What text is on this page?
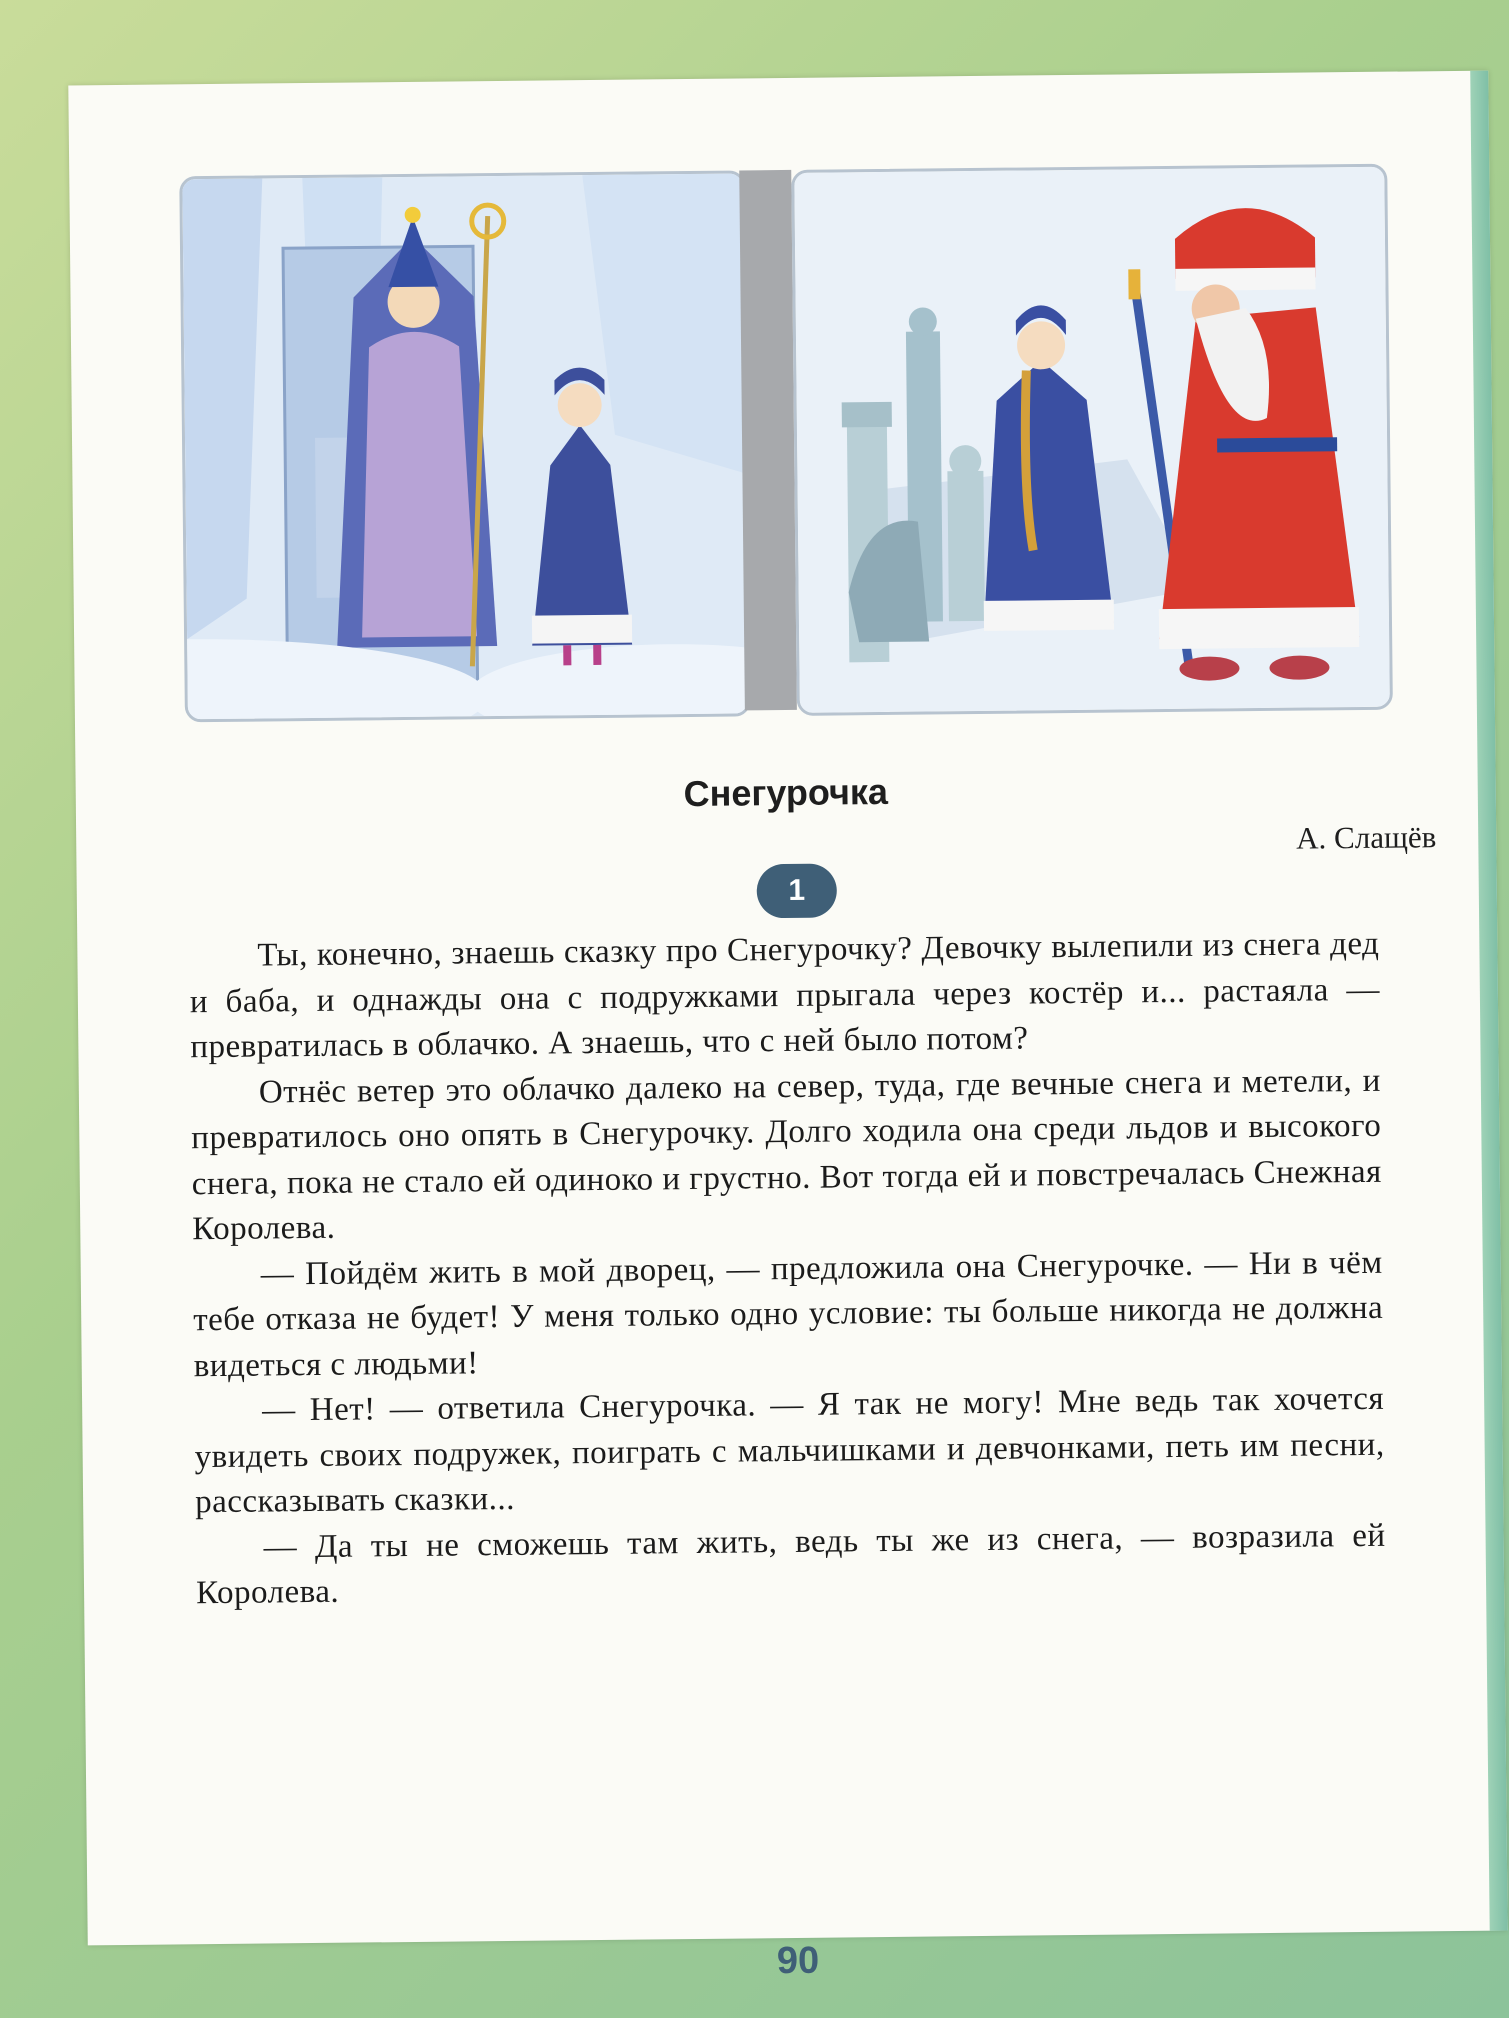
Снегурочка
А. Слащёв
1

Ты, конечно, знаешь сказку про Снегурочку? Девочку вылепили из снега дед и баба, и однажды она с подружками прыгала через костёр и... растаяла — превратилась в облачко. А знаешь, что с ней было потом?

Отнёс ветер это облачко далеко на север, туда, где вечные снега и метели, и превратилось оно опять в Снегурочку. Долго ходила она среди льдов и высокого снега, пока не стало ей одиноко и грустно. Вот тогда ей и повстречалась Снежная Королева.

— Пойдём жить в мой дворец, — предложила она Снегурочке. — Ни в чём тебе отказа не будет! У меня только одно условие: ты больше никогда не должна видеться с людьми!

— Нет! — ответила Снегурочка. — Я так не могу! Мне ведь так хочется увидеть своих подружек, поиграть с мальчишками и девчонками, петь им песни, рассказывать сказки...

— Да ты не сможешь там жить, ведь ты же из снега, — возразила ей Королева.

90
